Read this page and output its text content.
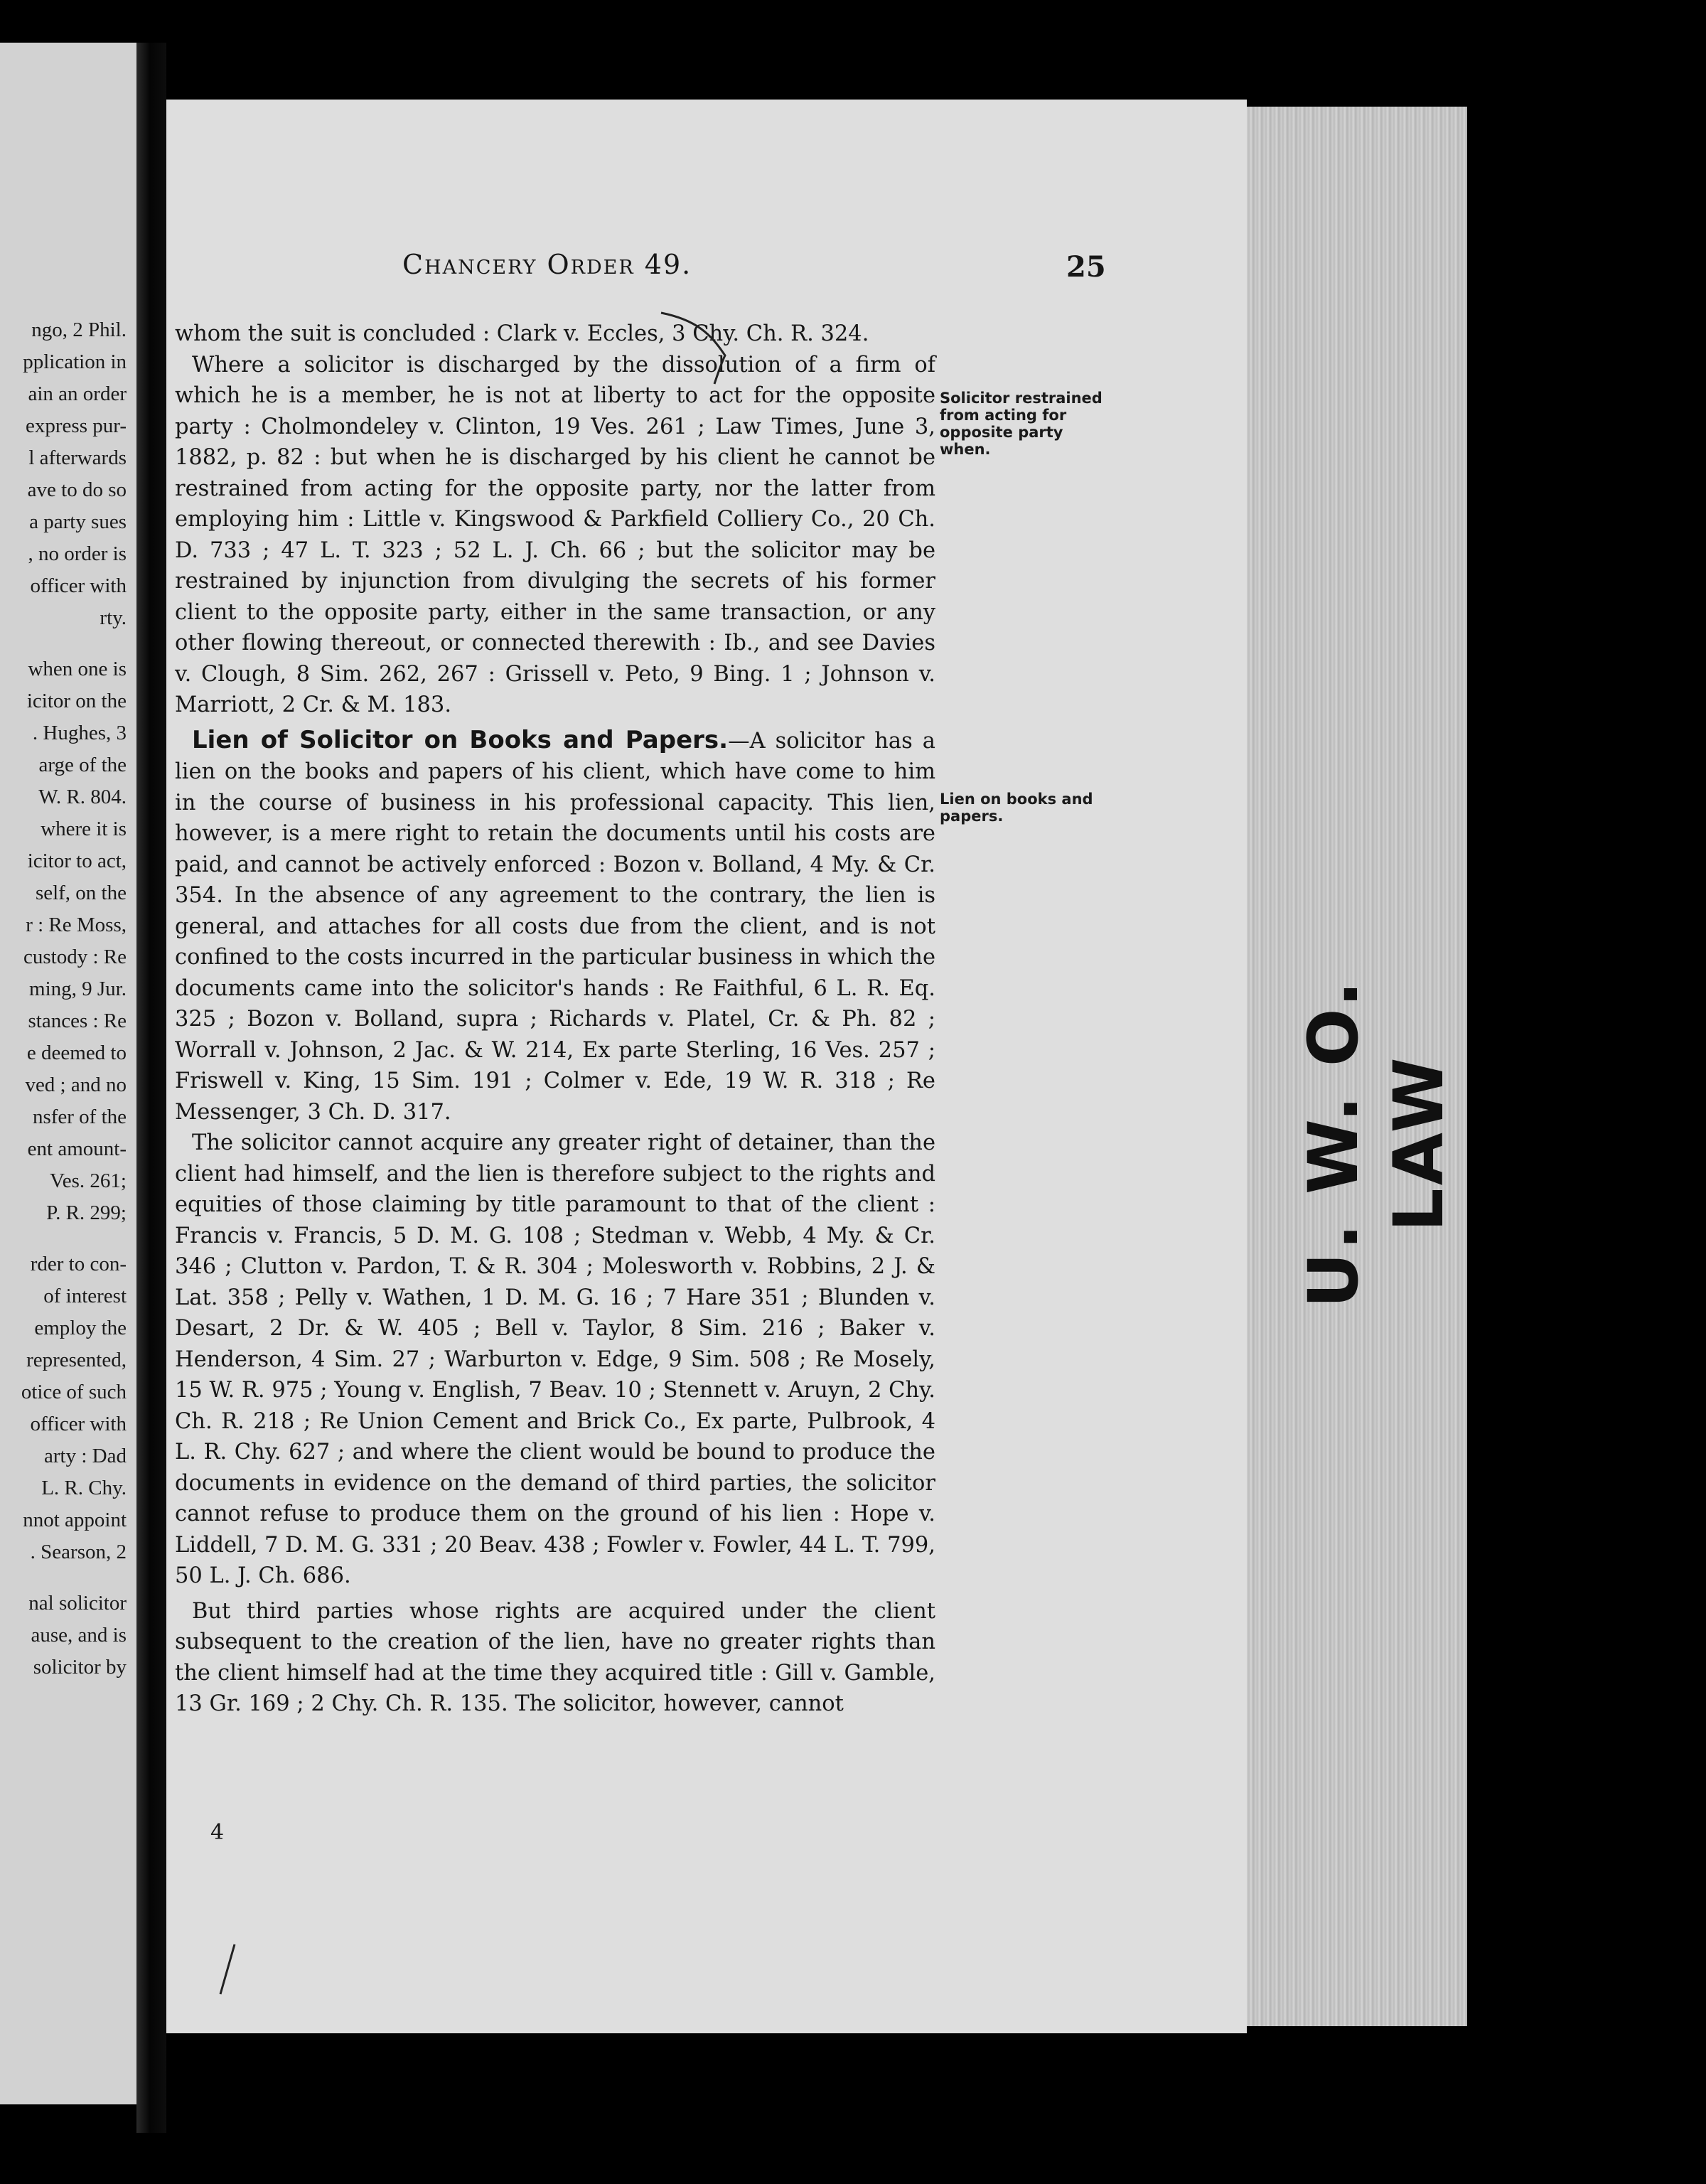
ngo, 2 Phil.
pplication in
ain an order
express pur-
l afterwards
ave to do so
a party sues
, no order is
officer with
rty.
when one is
icitor on the
. Hughes, 3
arge of the
W. R. 804.
where it is
icitor to act,
self, on the
r : Re Moss,
custody : Re
ming, 9 Jur.
stances : Re
e deemed to
ved ; and no
nsfer of the
ent amount-
Ves. 261;
P. R. 299;
rder to con-
of interest
employ the
represented,
otice of such
officer with
arty : Dad
L. R. Chy.
nnot appoint
. Searson, 2
nal solicitor
ause, and is
solicitor by
U. W. O. LAW
Chancery Order 49.	25

whom the suit is concluded : Clark v. Eccles, 3 Chy. Ch. R. 324.

Where a solicitor is discharged by the dissolution of a firm of which he is a member, he is not at liberty to act for the opposite party : Cholmondeley v. Clinton, 19 Ves. 261 ; Law Times, June 3, 1882, p. 82 : but when he is discharged by his client he cannot be restrained from acting for the opposite party, nor the latter from employing him : Little v. Kingswood & Parkfield Colliery Co., 20 Ch. D. 733 ; 47 L. T. 323 ; 52 L. J. Ch. 66 ; but the solicitor may be restrained by injunction from divulging the secrets of his former client to the opposite party, either in the same transaction, or any other flowing thereout, or connected therewith : Ib., and see Davies v. Clough, 8 Sim. 262, 267 : Grissell v. Peto, 9 Bing. 1 ; Johnson v. Marriott, 2 Cr. & M. 183.

Lien of Solicitor on Books and Papers.—A solicitor has a lien on the books and papers of his client, which have come to him in the course of business in his professional capacity. This lien, however, is a mere right to retain the documents until his costs are paid, and cannot be actively enforced : Bozon v. Bolland, 4 My. & Cr. 354. In the absence of any agreement to the contrary, the lien is general, and attaches for all costs due from the client, and is not confined to the costs incurred in the particular business in which the documents came into the solicitor's hands : Re Faithful, 6 L. R. Eq. 325 ; Bozon v. Bolland, supra ; Richards v. Platel, Cr. & Ph. 82 ; Worrall v. Johnson, 2 Jac. & W. 214, Ex parte Sterling, 16 Ves. 257 ; Friswell v. King, 15 Sim. 191 ; Colmer v. Ede, 19 W. R. 318 ; Re Messenger, 3 Ch. D. 317.

The solicitor cannot acquire any greater right of detainer, than the client had himself, and the lien is therefore subject to the rights and equities of those claiming by title paramount to that of the client : Francis v. Francis, 5 D. M. G. 108 ; Stedman v. Webb, 4 My. & Cr. 346 ; Clutton v. Pardon, T. & R. 304 ; Molesworth v. Robbins, 2 J. & Lat. 358 ; Pelly v. Wathen, 1 D. M. G. 16 ; 7 Hare 351 ; Blunden v. Desart, 2 Dr. & W. 405 ; Bell v. Taylor, 8 Sim. 216 ; Baker v. Henderson, 4 Sim. 27 ; Warburton v. Edge, 9 Sim. 508 ; Re Mosely, 15 W. R. 975 ; Young v. English, 7 Beav. 10 ; Stennett v. Aruyn, 2 Chy. Ch. R. 218 ; Re Union Cement and Brick Co., Ex parte, Pulbrook, 4 L. R. Chy. 627 ; and where the client would be bound to produce the documents in evidence on the demand of third parties, the solicitor cannot refuse to produce them on the ground of his lien : Hope v. Liddell, 7 D. M. G. 331 ; 20 Beav. 438 ; Fowler v. Fowler, 44 L. T. 799, 50 L. J. Ch. 686.

But third parties whose rights are acquired under the client subsequent to the creation of the lien, have no greater rights than the client himself had at the time they acquired title : Gill v. Gamble, 13 Gr. 169 ; 2 Chy. Ch. R. 135. The solicitor, however, cannot

Solicitor restrained from acting for opposite party when.
Lien on books and papers.
4
